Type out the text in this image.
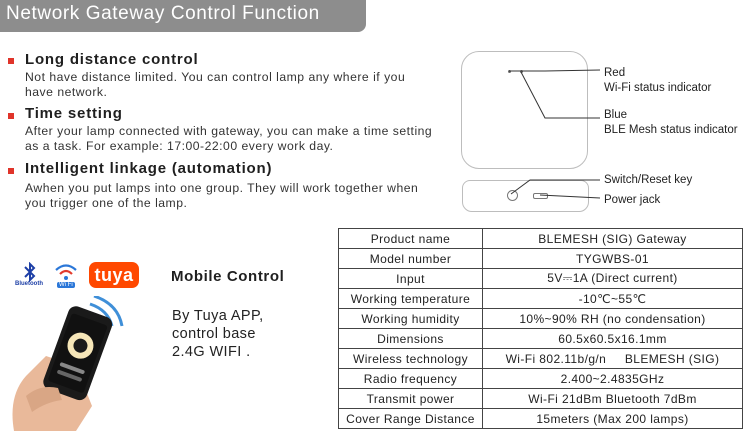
Network Gateway Control Function
Long distance control
Not have distance limited. You can control lamp any where if you have network.
Time setting
After your lamp connected with gateway, you can make a time setting as a task. For example: 17:00-22:00 every work day.
Intelligent linkage (automation)
Awhen you put lamps into one group. They will work together when you trigger one of the lamp.
Red
Wi-Fi status indicator
Blue
BLE Mesh status indicator
Switch/Reset key
Power jack
Bluetooth	Wi Fi	tuya	Mobile Control
By Tuya APP,
control base
2.4G WIFI .
Product name	BLEMESH (SIG) Gateway
Model number	TYGWBS-01
Input	5V⎓1A (Direct current)
Working temperature	-10℃~55℃
Working humidity	10%~90% RH (no condensation)
Dimensions	60.5x60.5x16.1mm
Wireless technology	Wi-Fi 802.11b/g/n     BLEMESH (SIG)
Radio frequency	2.400~2.4835GHz
Transmit power	Wi-Fi 21dBm Bluetooth 7dBm
Cover Range Distance	15meters (Max 200 lamps)
